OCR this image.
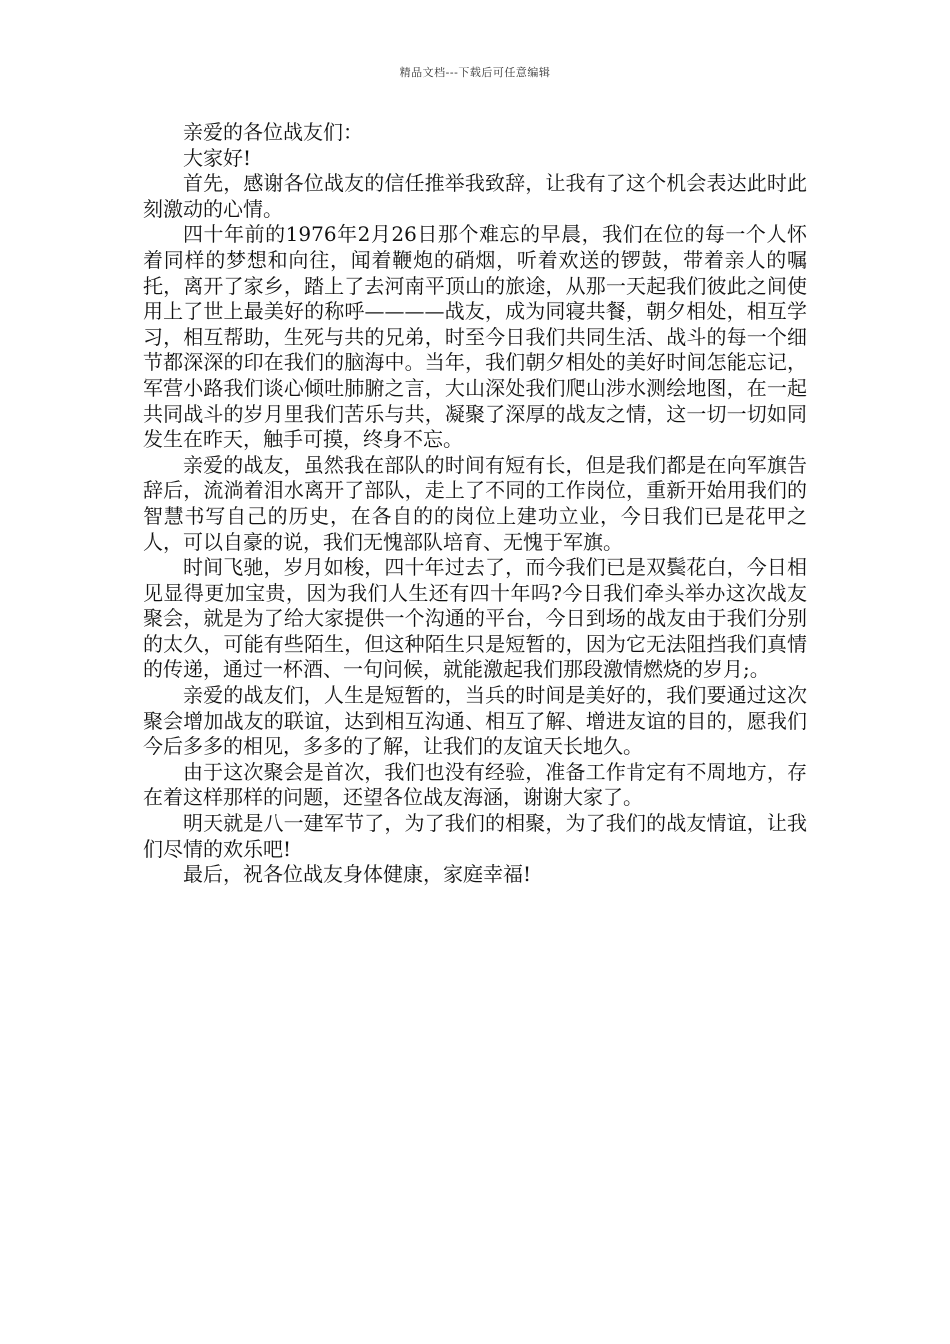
精品文档---下载后可任意编辑

亲爱的各位战友们：

大家好!

首先，感谢各位战友的信任推举我致辞，让我有了这个机会表达此时此刻激动的心情。

四十年前的1976年2月26日那个难忘的早晨，我们在位的每一个人怀着同样的梦想和向往，闻着鞭炮的硝烟，听着欢送的锣鼓，带着亲人的嘱托，离开了家乡，踏上了去河南平顶山的旅途，从那一天起我们彼此之间使用上了世上最美好的称呼————战友，成为同寝共餐，朝夕相处，相互学习，相互帮助，生死与共的兄弟，时至今日我们共同生活、战斗的每一个细节都深深的印在我们的脑海中。当年，我们朝夕相处的美好时间怎能忘记，军营小路我们谈心倾吐肺腑之言，大山深处我们爬山涉水测绘地图，在一起共同战斗的岁月里我们苦乐与共，凝聚了深厚的战友之情，这一切一切如同发生在昨天，触手可摸，终身不忘。

亲爱的战友，虽然我在部队的时间有短有长，但是我们都是在向军旗告辞后，流淌着泪水离开了部队，走上了不同的工作岗位，重新开始用我们的智慧书写自己的历史，在各自的的岗位上建功立业，今日我们已是花甲之人，可以自豪的说，我们无愧部队培育、无愧于军旗。

时间飞驰，岁月如梭，四十年过去了，而今我们已是双鬓花白，今日相见显得更加宝贵，因为我们人生还有四十年吗?今日我们牵头举办这次战友聚会，就是为了给大家提供一个沟通的平台，今日到场的战友由于我们分别的太久，可能有些陌生，但这种陌生只是短暂的，因为它无法阻挡我们真情的传递，通过一杯酒、一句问候，就能激起我们那段激情燃烧的岁月;。

亲爱的战友们，人生是短暂的，当兵的时间是美好的，我们要通过这次聚会增加战友的联谊，达到相互沟通、相互了解、增进友谊的目的，愿我们今后多多的相见，多多的了解，让我们的友谊天长地久。

由于这次聚会是首次，我们也没有经验，准备工作肯定有不周地方，存在着这样那样的问题，还望各位战友海涵，谢谢大家了。

明天就是八一建军节了，为了我们的相聚，为了我们的战友情谊，让我们尽情的欢乐吧!

最后，祝各位战友身体健康，家庭幸福!
